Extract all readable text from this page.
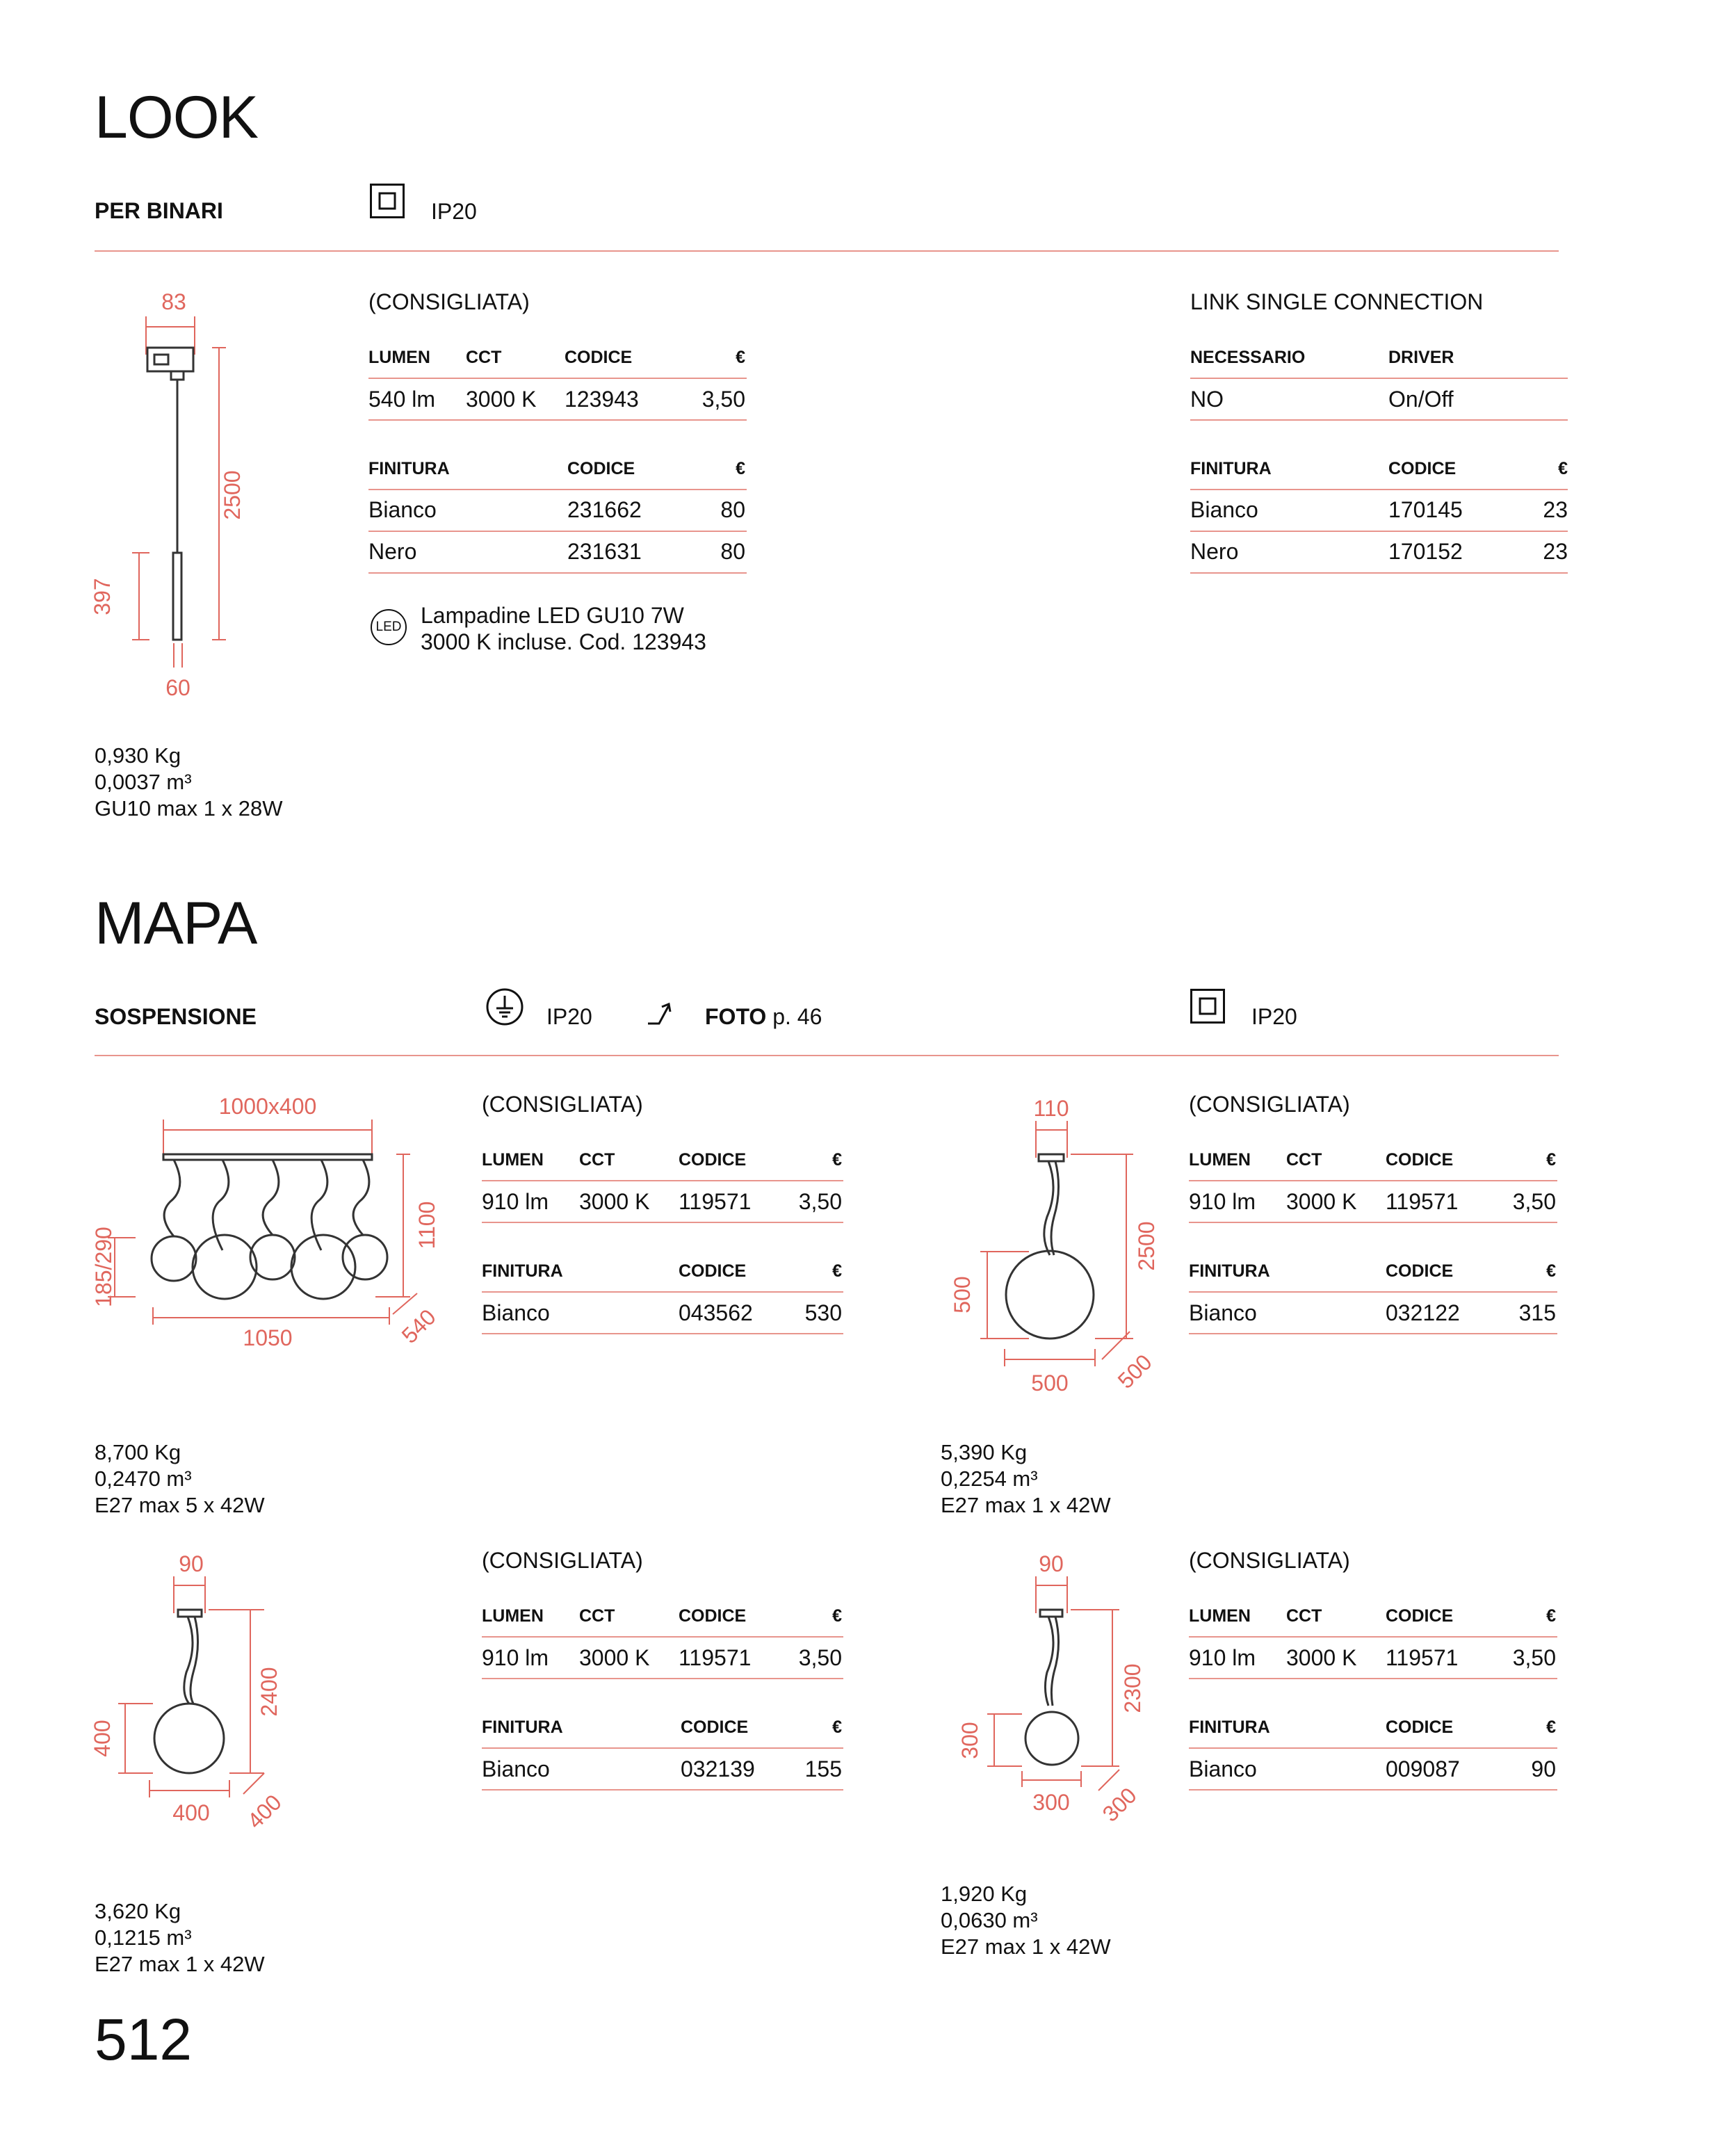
LOOK
PER BINARI	IP20
83
2500
397
60
0,930 Kg
0,0037 m³
GU10 max 1 x 28W
(CONSIGLIATA)
LUMEN CCT	CODICE	€
540 lm 3000 K 123943	3,50
FINITURA	CODICE	€
Bianco	231662	80
Nero	231631	80
LED Lampadine LED GU10 7W
3000 K incluse. Cod. 123943
LINK SINGLE CONNECTION
NECESSARIO	DRIVER
NO	On/Off
FINITURA	CODICE	€
Bianco	170145	23
Nero	170152	23
MAPA
SOSPENSIONE	IP20	FOTO p. 46	IP20
1000x400
1100
185/290
1050	540
8,700 Kg
0,2470 m³
E27 max 5 x 42W
(CONSIGLIATA)
LUMEN CCT	CODICE	€
910 lm 3000 K 119571	3,50
FINITURA	CODICE	€
Bianco	043562	530
110
2500
500
500 500
5,390 Kg
0,2254 m³
E27 max 1 x 42W
(CONSIGLIATA)
LUMEN CCT	CODICE	€
910 lm 3000 K 119571	3,50
FINITURA	CODICE	€
Bianco	032122	315
90
2400
400
400 400
3,620 Kg
0,1215 m³
E27 max 1 x 42W
(CONSIGLIATA)
LUMEN CCT	CODICE	€
910 lm 3000 K 119571	3,50
FINITURA	CODICE	€
Bianco	032139	155
90
2300
300
300 300
1,920 Kg
0,0630 m³
E27 max 1 x 42W
(CONSIGLIATA)
LUMEN CCT	CODICE	€
910 lm 3000 K 119571	3,50
FINITURA	CODICE	€
Bianco	009087	90
512
